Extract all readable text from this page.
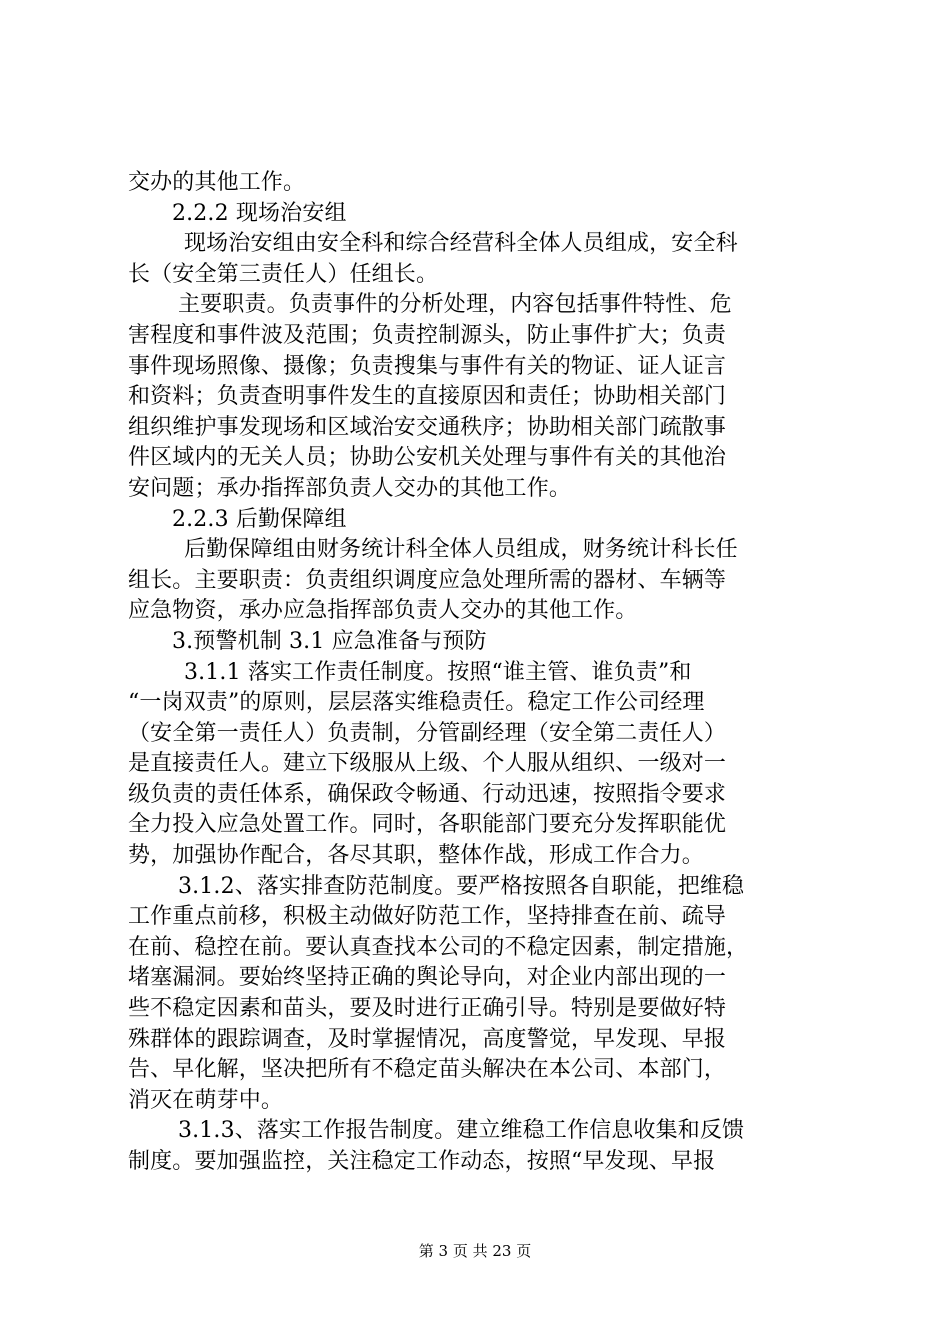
交办的其他工作。
2.2.2 现场治安组
现场治安组由安全科和综合经营科全体人员组成，安全科
长（安全第三责任人）任组长。
主要职责。负责事件的分析处理，内容包括事件特性、危
害程度和事件波及范围；负责控制源头，防止事件扩大；负责
事件现场照像、摄像；负责搜集与事件有关的物证、证人证言
和资料；负责查明事件发生的直接原因和责任；协助相关部门
组织维护事发现场和区域治安交通秩序；协助相关部门疏散事
件区域内的无关人员；协助公安机关处理与事件有关的其他治
安问题；承办指挥部负责人交办的其他工作。
2.2.3 后勤保障组
后勤保障组由财务统计科全体人员组成，财务统计科长任
组长。主要职责：负责组织调度应急处理所需的器材、车辆等
应急物资，承办应急指挥部负责人交办的其他工作。
3.预警机制 3.1 应急准备与预防
3.1.1 落实工作责任制度。按照“谁主管、谁负责”和
“一岗双责”的原则，层层落实维稳责任。稳定工作公司经理
（安全第一责任人）负责制，分管副经理（安全第二责任人）
是直接责任人。建立下级服从上级、个人服从组织、一级对一
级负责的责任体系，确保政令畅通、行动迅速，按照指令要求
全力投入应急处置工作。同时，各职能部门要充分发挥职能优
势，加强协作配合，各尽其职，整体作战，形成工作合力。
3.1.2、落实排查防范制度。要严格按照各自职能，把维稳
工作重点前移，积极主动做好防范工作，坚持排查在前、疏导
在前、稳控在前。要认真查找本公司的不稳定因素，制定措施，
堵塞漏洞。要始终坚持正确的舆论导向，对企业内部出现的一
些不稳定因素和苗头，要及时进行正确引导。特别是要做好特
殊群体的跟踪调查，及时掌握情况，高度警觉，早发现、早报
告、早化解，坚决把所有不稳定苗头解决在本公司、本部门，
消灭在萌芽中。
3.1.3、落实工作报告制度。建立维稳工作信息收集和反馈
制度。要加强监控，关注稳定工作动态，按照“早发现、早报
第 3 页 共 23 页
